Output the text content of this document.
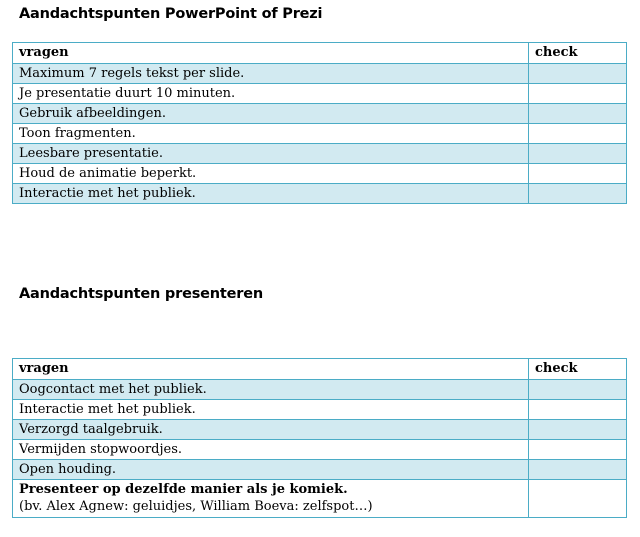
Aandachtspunten PowerPoint of Prezi
vragen	check
Maximum 7 regels tekst per slide.	
Je presentatie duurt 10 minuten.	
Gebruik afbeeldingen.	
Toon fragmenten.	
Leesbare presentatie.	
Houd de animatie beperkt.	
Interactie met het publiek.	
Aandachtspunten presenteren
vragen	check
Oogcontact met het publiek.	
Interactie met het publiek.	
Verzorgd taalgebruik.	
Vermijden stopwoordjes.	
Open houding.	

Presenteer op dezelfde manier als je komiek.
(bv. Alex Agnew: geluidjes, William Boeva: zelfspot…)	
